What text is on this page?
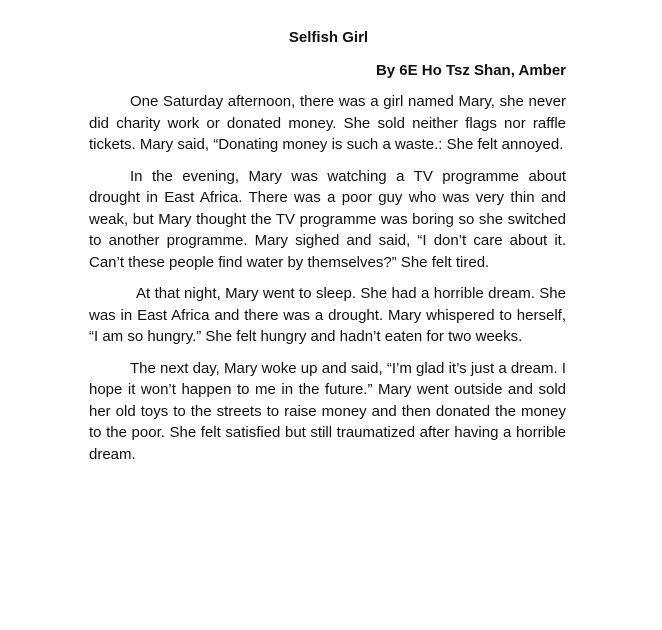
Selfish Girl
By 6E Ho Tsz Shan, Amber

One Saturday afternoon, there was a girl named Mary, she never did charity work or donated money. She sold neither flags nor raffle tickets. Mary said, “Donating money is such a waste.: She felt annoyed.

In the evening, Mary was watching a TV programme about drought in East Africa. There was a poor guy who was very thin and weak, but Mary thought the TV programme was boring so she switched to another programme. Mary sighed and said, “I don’t care about it. Can’t these people find water by themselves?” She felt tired.

At that night, Mary went to sleep. She had a horrible dream. She was in East Africa and there was a drought. Mary whispered to herself, “I am so hungry.” She felt hungry and hadn’t eaten for two weeks.

The next day, Mary woke up and said, “I’m glad it’s just a dream. I hope it won’t happen to me in the future.” Mary went outside and sold her old toys to the streets to raise money and then donated the money to the poor. She felt satisfied but still traumatized after having a horrible dream.
